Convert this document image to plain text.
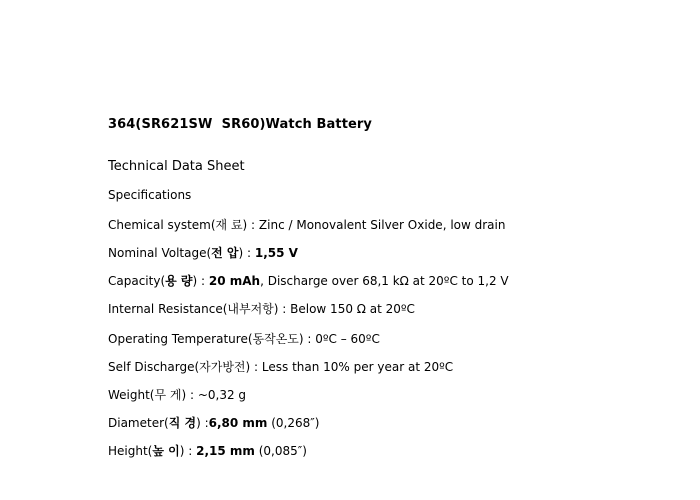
364(SR621SW  SR60)Watch Battery
Technical Data Sheet
Specifications
Chemical system(재 료) : Zinc / Monovalent Silver Oxide, low drain
Nominal Voltage(전 압) : 1,55 V
Capacity(용 량) : 20 mAh, Discharge over 68,1 kΩ at 20ºC to 1,2 V
Internal Resistance(내부저항) : Below 150 Ω at 20ºC
Operating Temperature(동작온도) : 0ºC – 60ºC
Self Discharge(자가방전) : Less than 10% per year at 20ºC
Weight(무 게) : ~0,32 g
Diameter(직 경) :6,80 mm (0,268″)
Height(높 이) : 2,15 mm (0,085″)
